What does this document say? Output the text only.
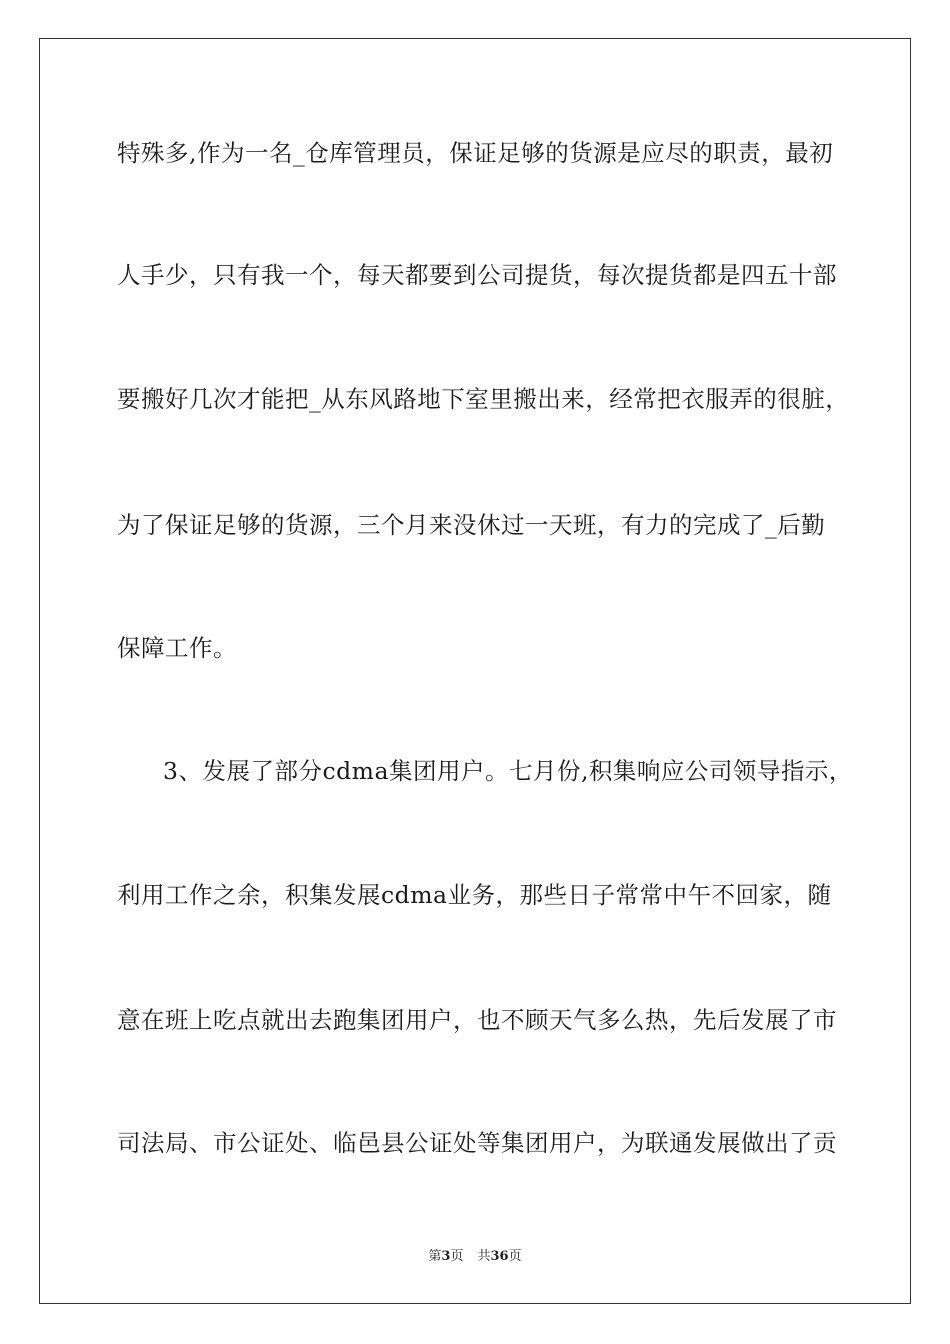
特殊多,作为一名_仓库管理员，保证足够的货源是应尽的职责，最初
人手少，只有我一个，每天都要到公司提货，每次提货都是四五十部
要搬好几次才能把_从东风路地下室里搬出来，经常把衣服弄的很脏，
为了保证足够的货源，三个月来没休过一天班，有力的完成了_后勤
保障工作。
3、发展了部分cdma集团用户。七月份,积集响应公司领导指示，
利用工作之余，积集发展cdma业务，那些日子常常中午不回家，随
意在班上吃点就出去跑集团用户，也不顾天气多么热，先后发展了市
司法局、市公证处、临邑县公证处等集团用户，为联通发展做出了贡
第3页 共36页
